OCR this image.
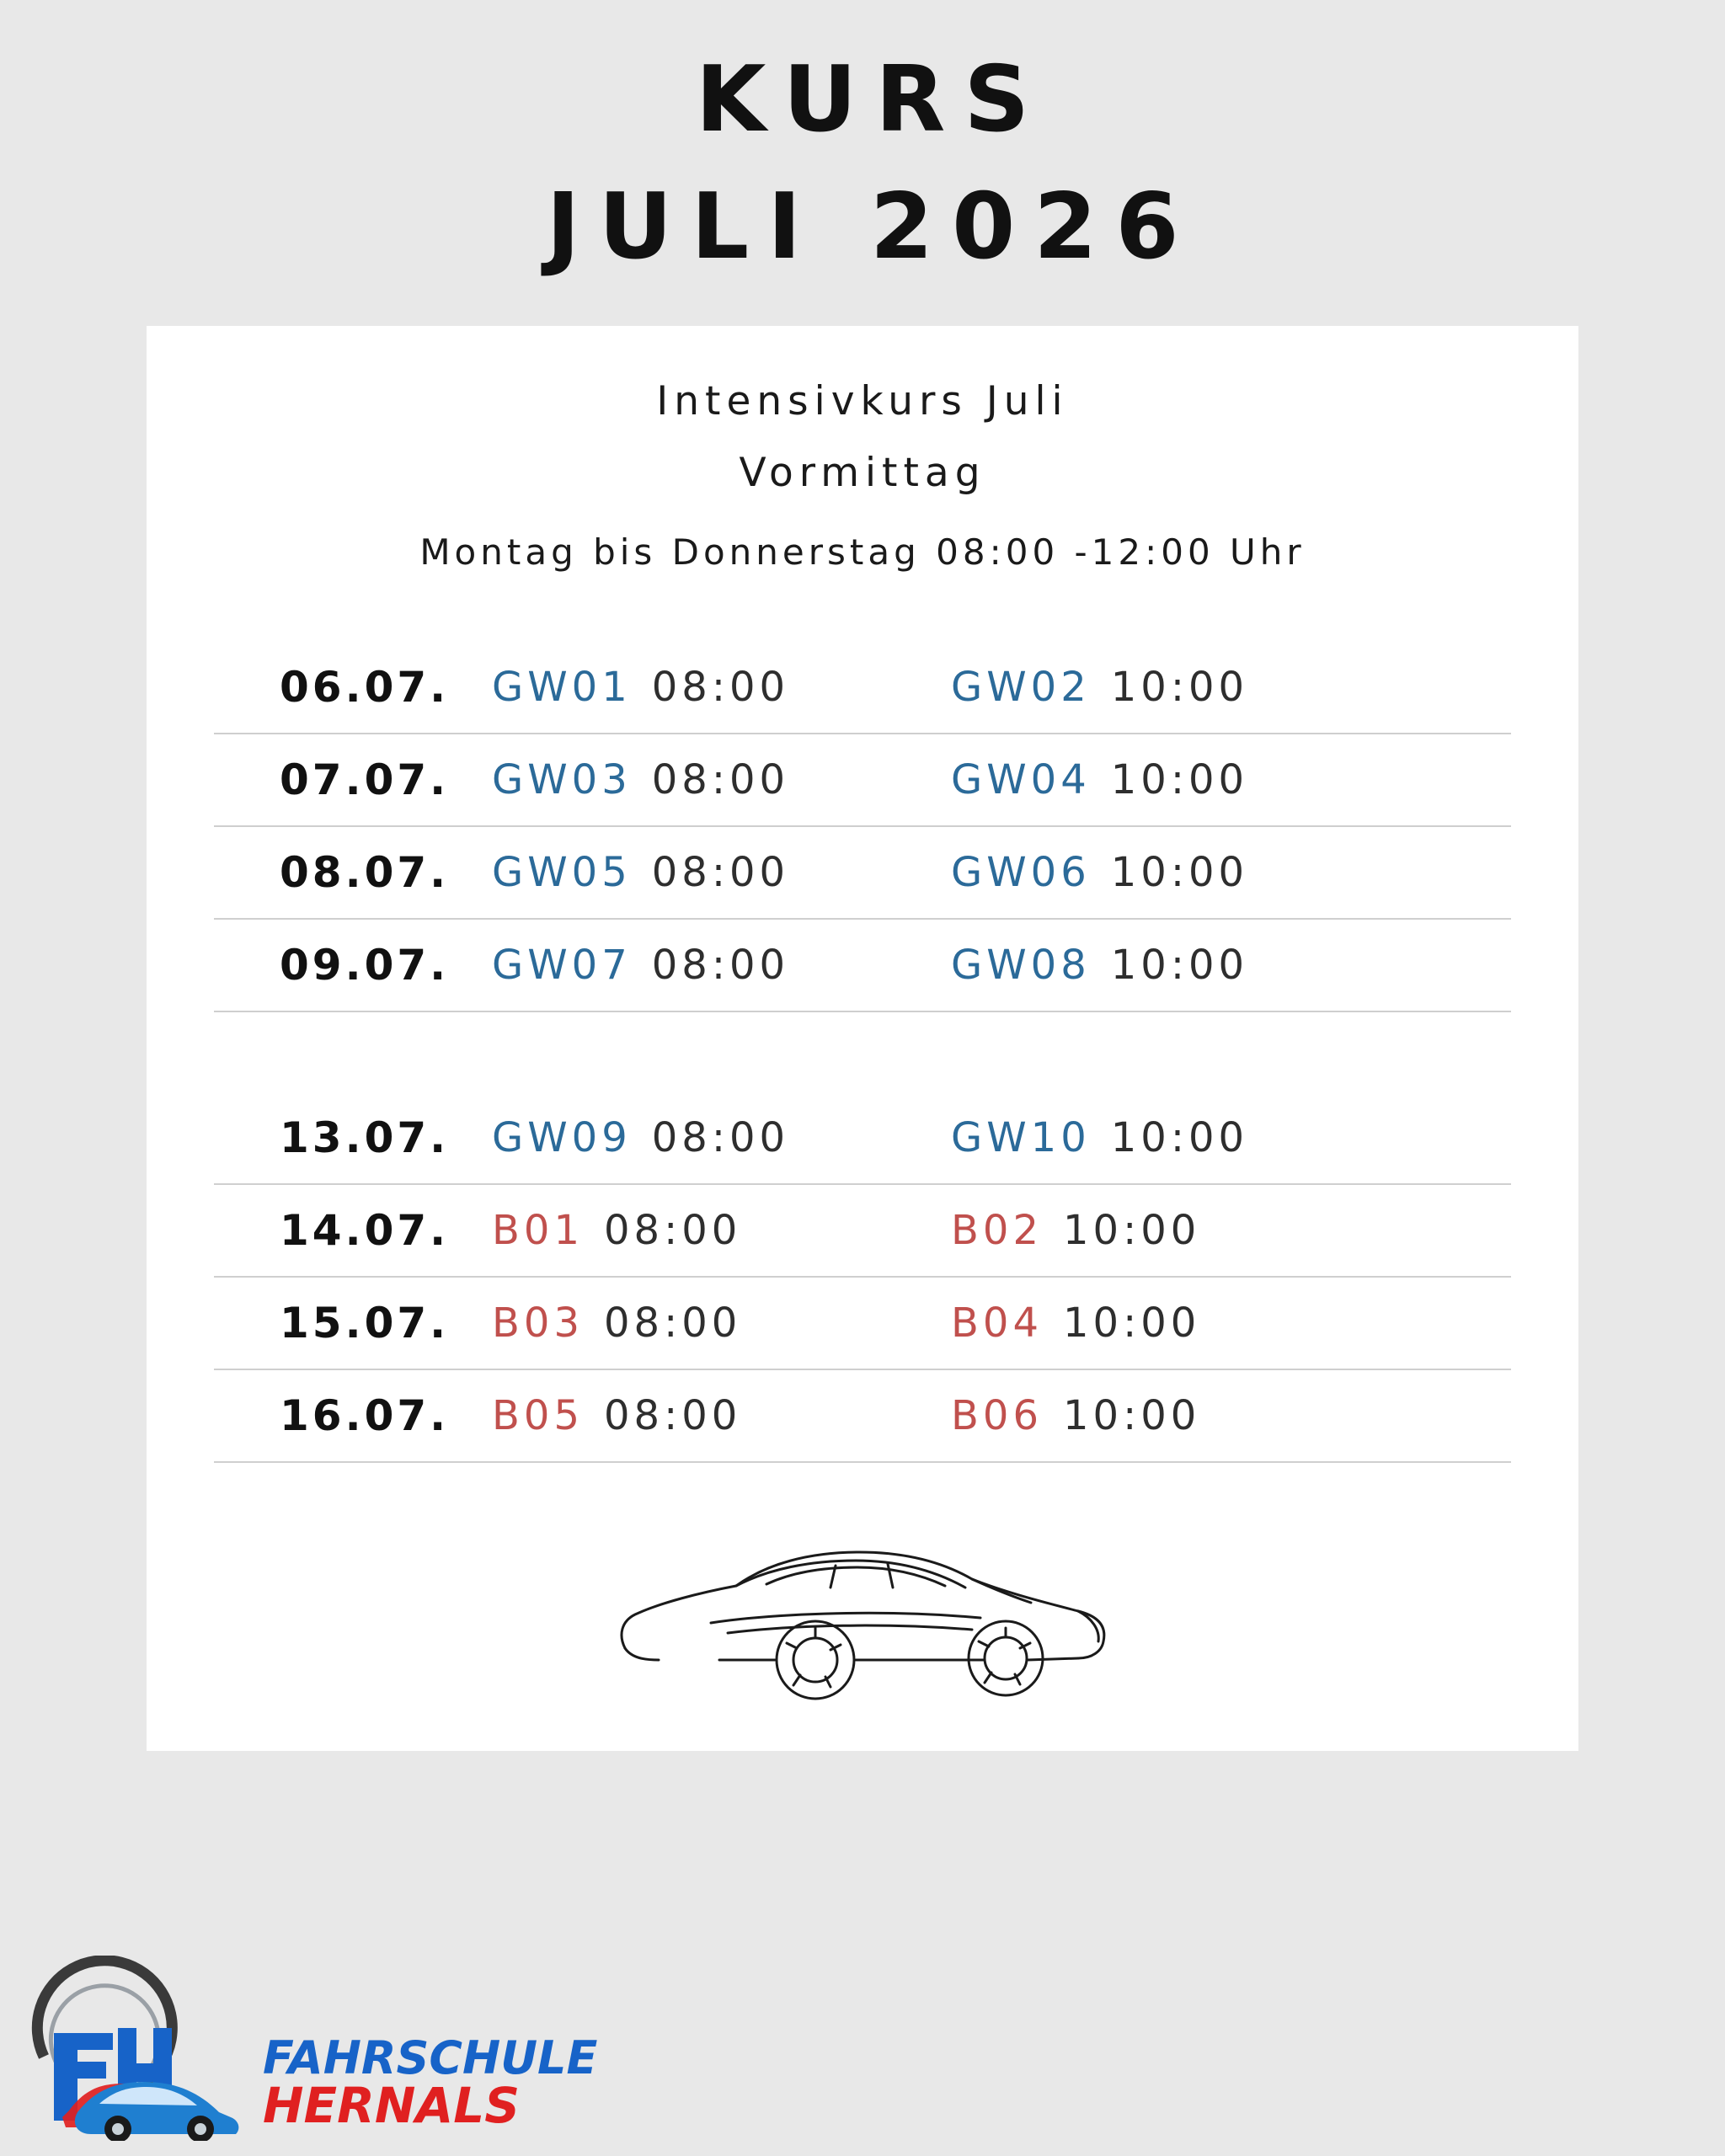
KURS
JULI 2026
Intensivkurs Juli
Vormittag
Montag bis Donnerstag 08:00 -12:00 Uhr
06.07.	GW01 08:00	GW02 10:00
07.07.	GW03 08:00	GW04 10:00
08.07.	GW05 08:00	GW06 10:00
09.07.	GW07 08:00	GW08 10:00
13.07.	GW09 08:00	GW10 10:00
14.07.	B01 08:00	B02 10:00
15.07.	B03 08:00	B04 10:00
16.07.	B05 08:00	B06 10:00
FAHRSCHULE
HERNALS
